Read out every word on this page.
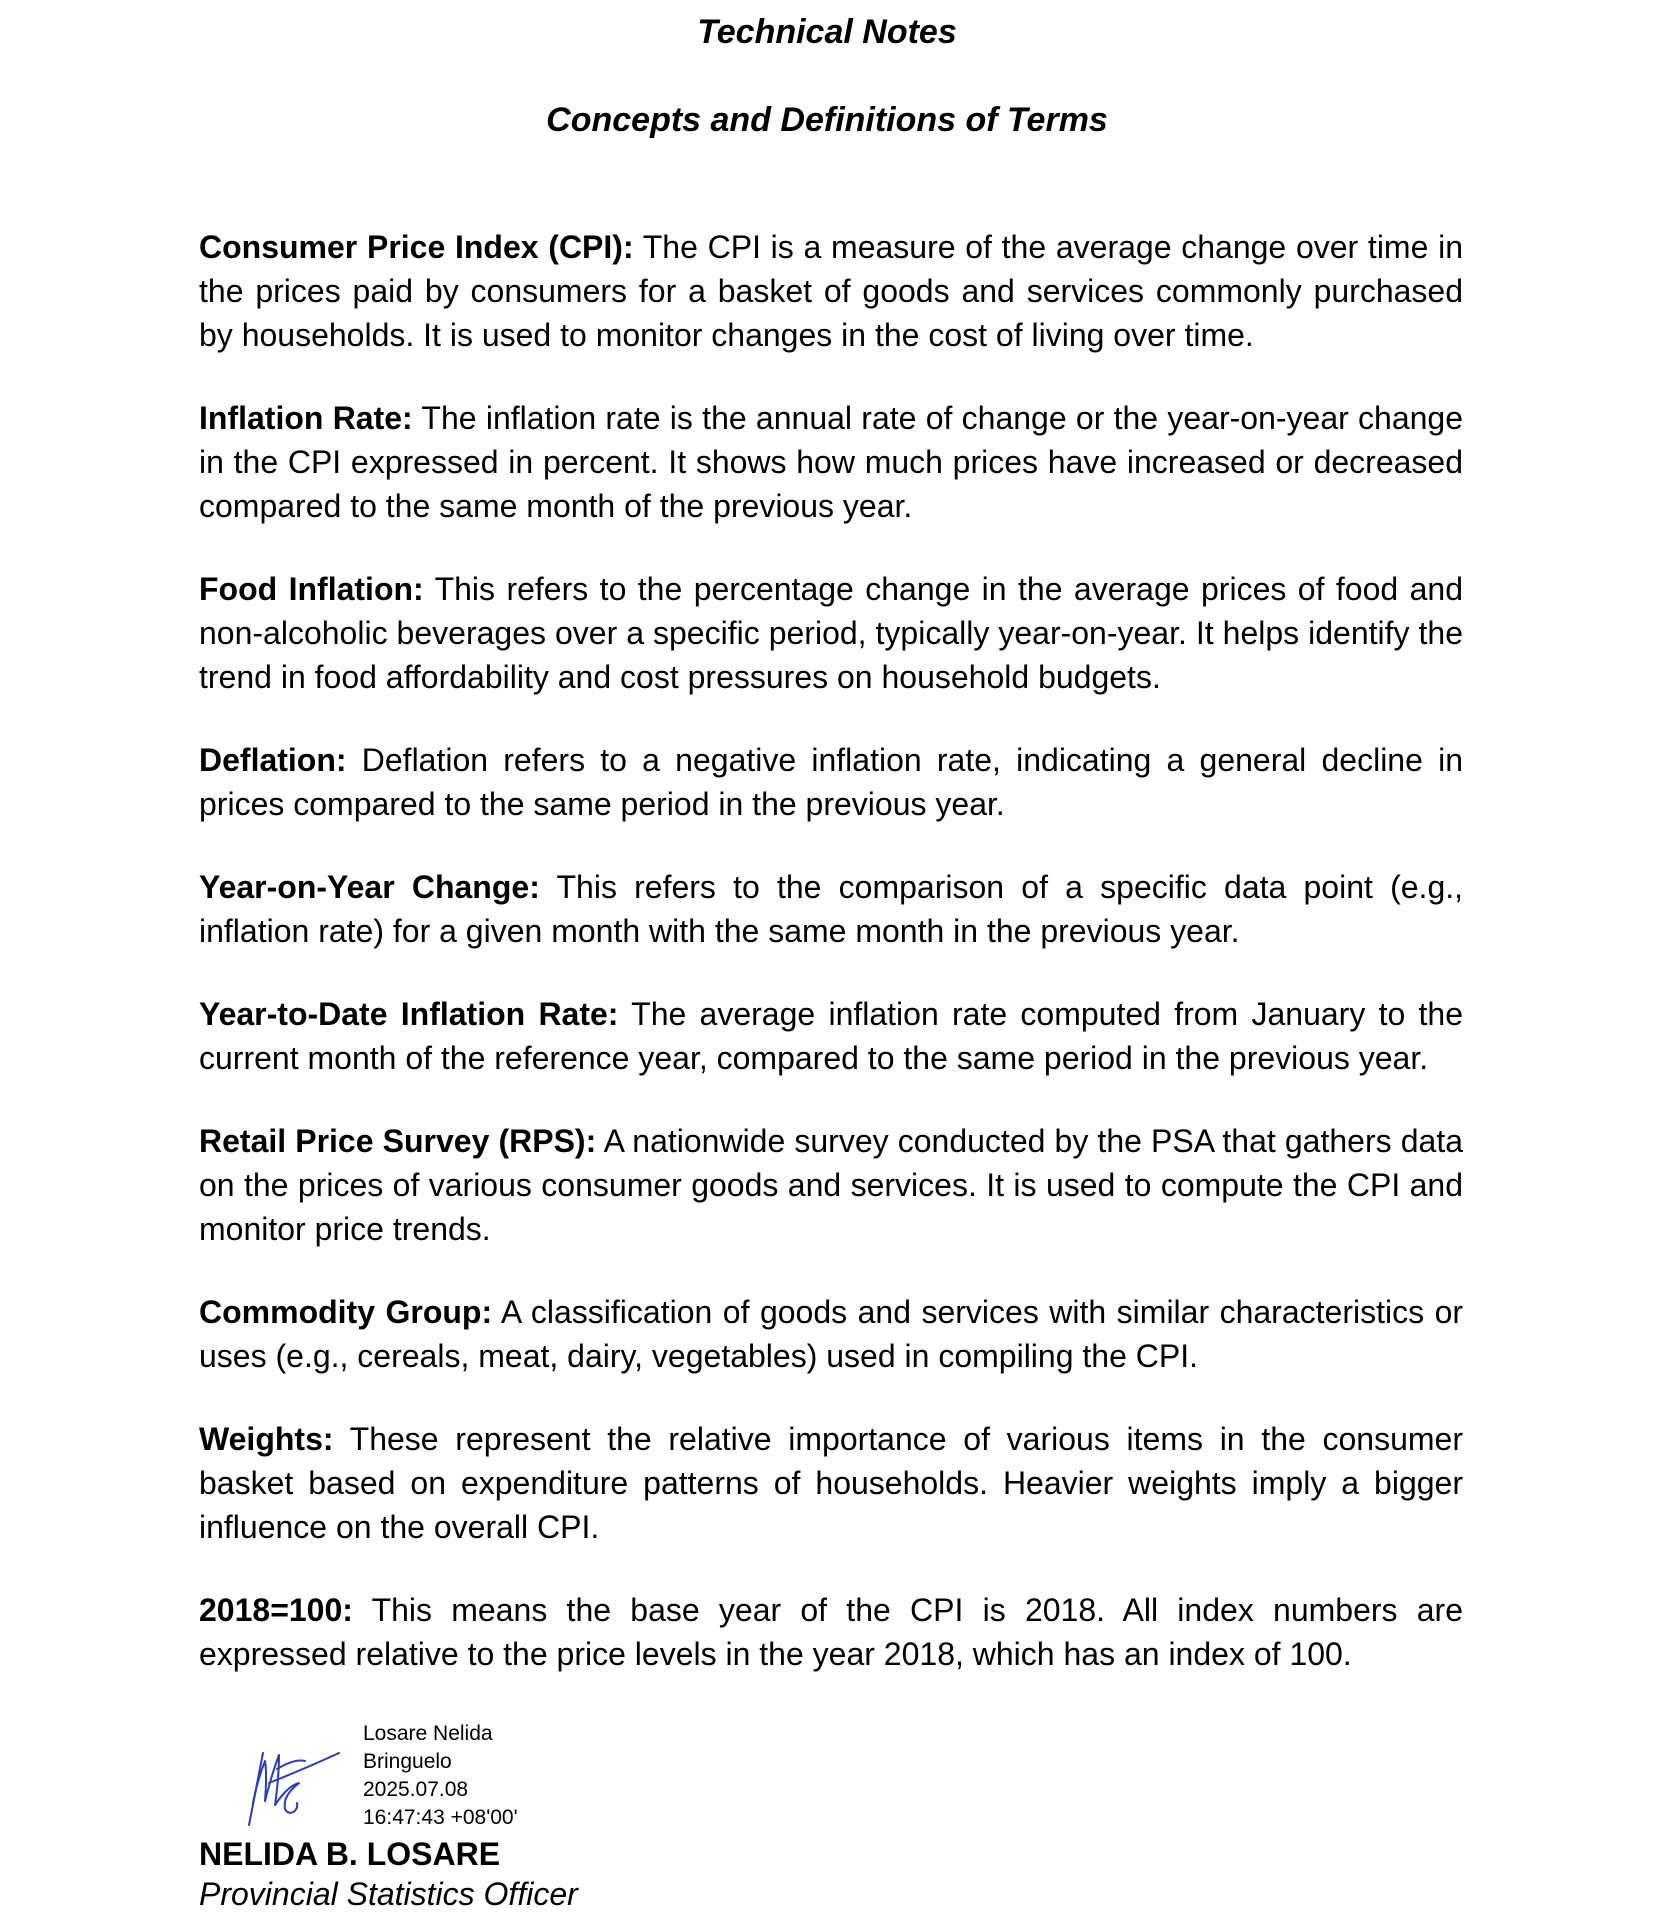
Technical Notes
Concepts and Definitions of Terms

Consumer Price Index (CPI): The CPI is a measure of the average change over time in the prices paid by consumers for a basket of goods and services commonly purchased by households. It is used to monitor changes in the cost of living over time.

Inflation Rate: The inflation rate is the annual rate of change or the year-on-year change in the CPI expressed in percent. It shows how much prices have increased or decreased compared to the same month of the previous year.

Food Inflation: This refers to the percentage change in the average prices of food and non-alcoholic beverages over a specific period, typically year-on-year. It helps identify the trend in food affordability and cost pressures on household budgets.

Deflation: Deflation refers to a negative inflation rate, indicating a general decline in prices compared to the same period in the previous year.

Year-on-Year Change: This refers to the comparison of a specific data point (e.g., inflation rate) for a given month with the same month in the previous year.

Year-to-Date Inflation Rate: The average inflation rate computed from January to the current month of the reference year, compared to the same period in the previous year.

Retail Price Survey (RPS): A nationwide survey conducted by the PSA that gathers data on the prices of various consumer goods and services. It is used to compute the CPI and monitor price trends.

Commodity Group: A classification of goods and services with similar characteristics or uses (e.g., cereals, meat, dairy, vegetables) used in compiling the CPI.

Weights: These represent the relative importance of various items in the consumer basket based on expenditure patterns of households. Heavier weights imply a bigger influence on the overall CPI.

2018=100: This means the base year of the CPI is 2018. All index numbers are expressed relative to the price levels in the year 2018, which has an index of 100.

Losare Nelida
Bringuelo
2025.07.08
16:47:43 +08'00'

NELIDA B. LOSARE

Provincial Statistics Officer
